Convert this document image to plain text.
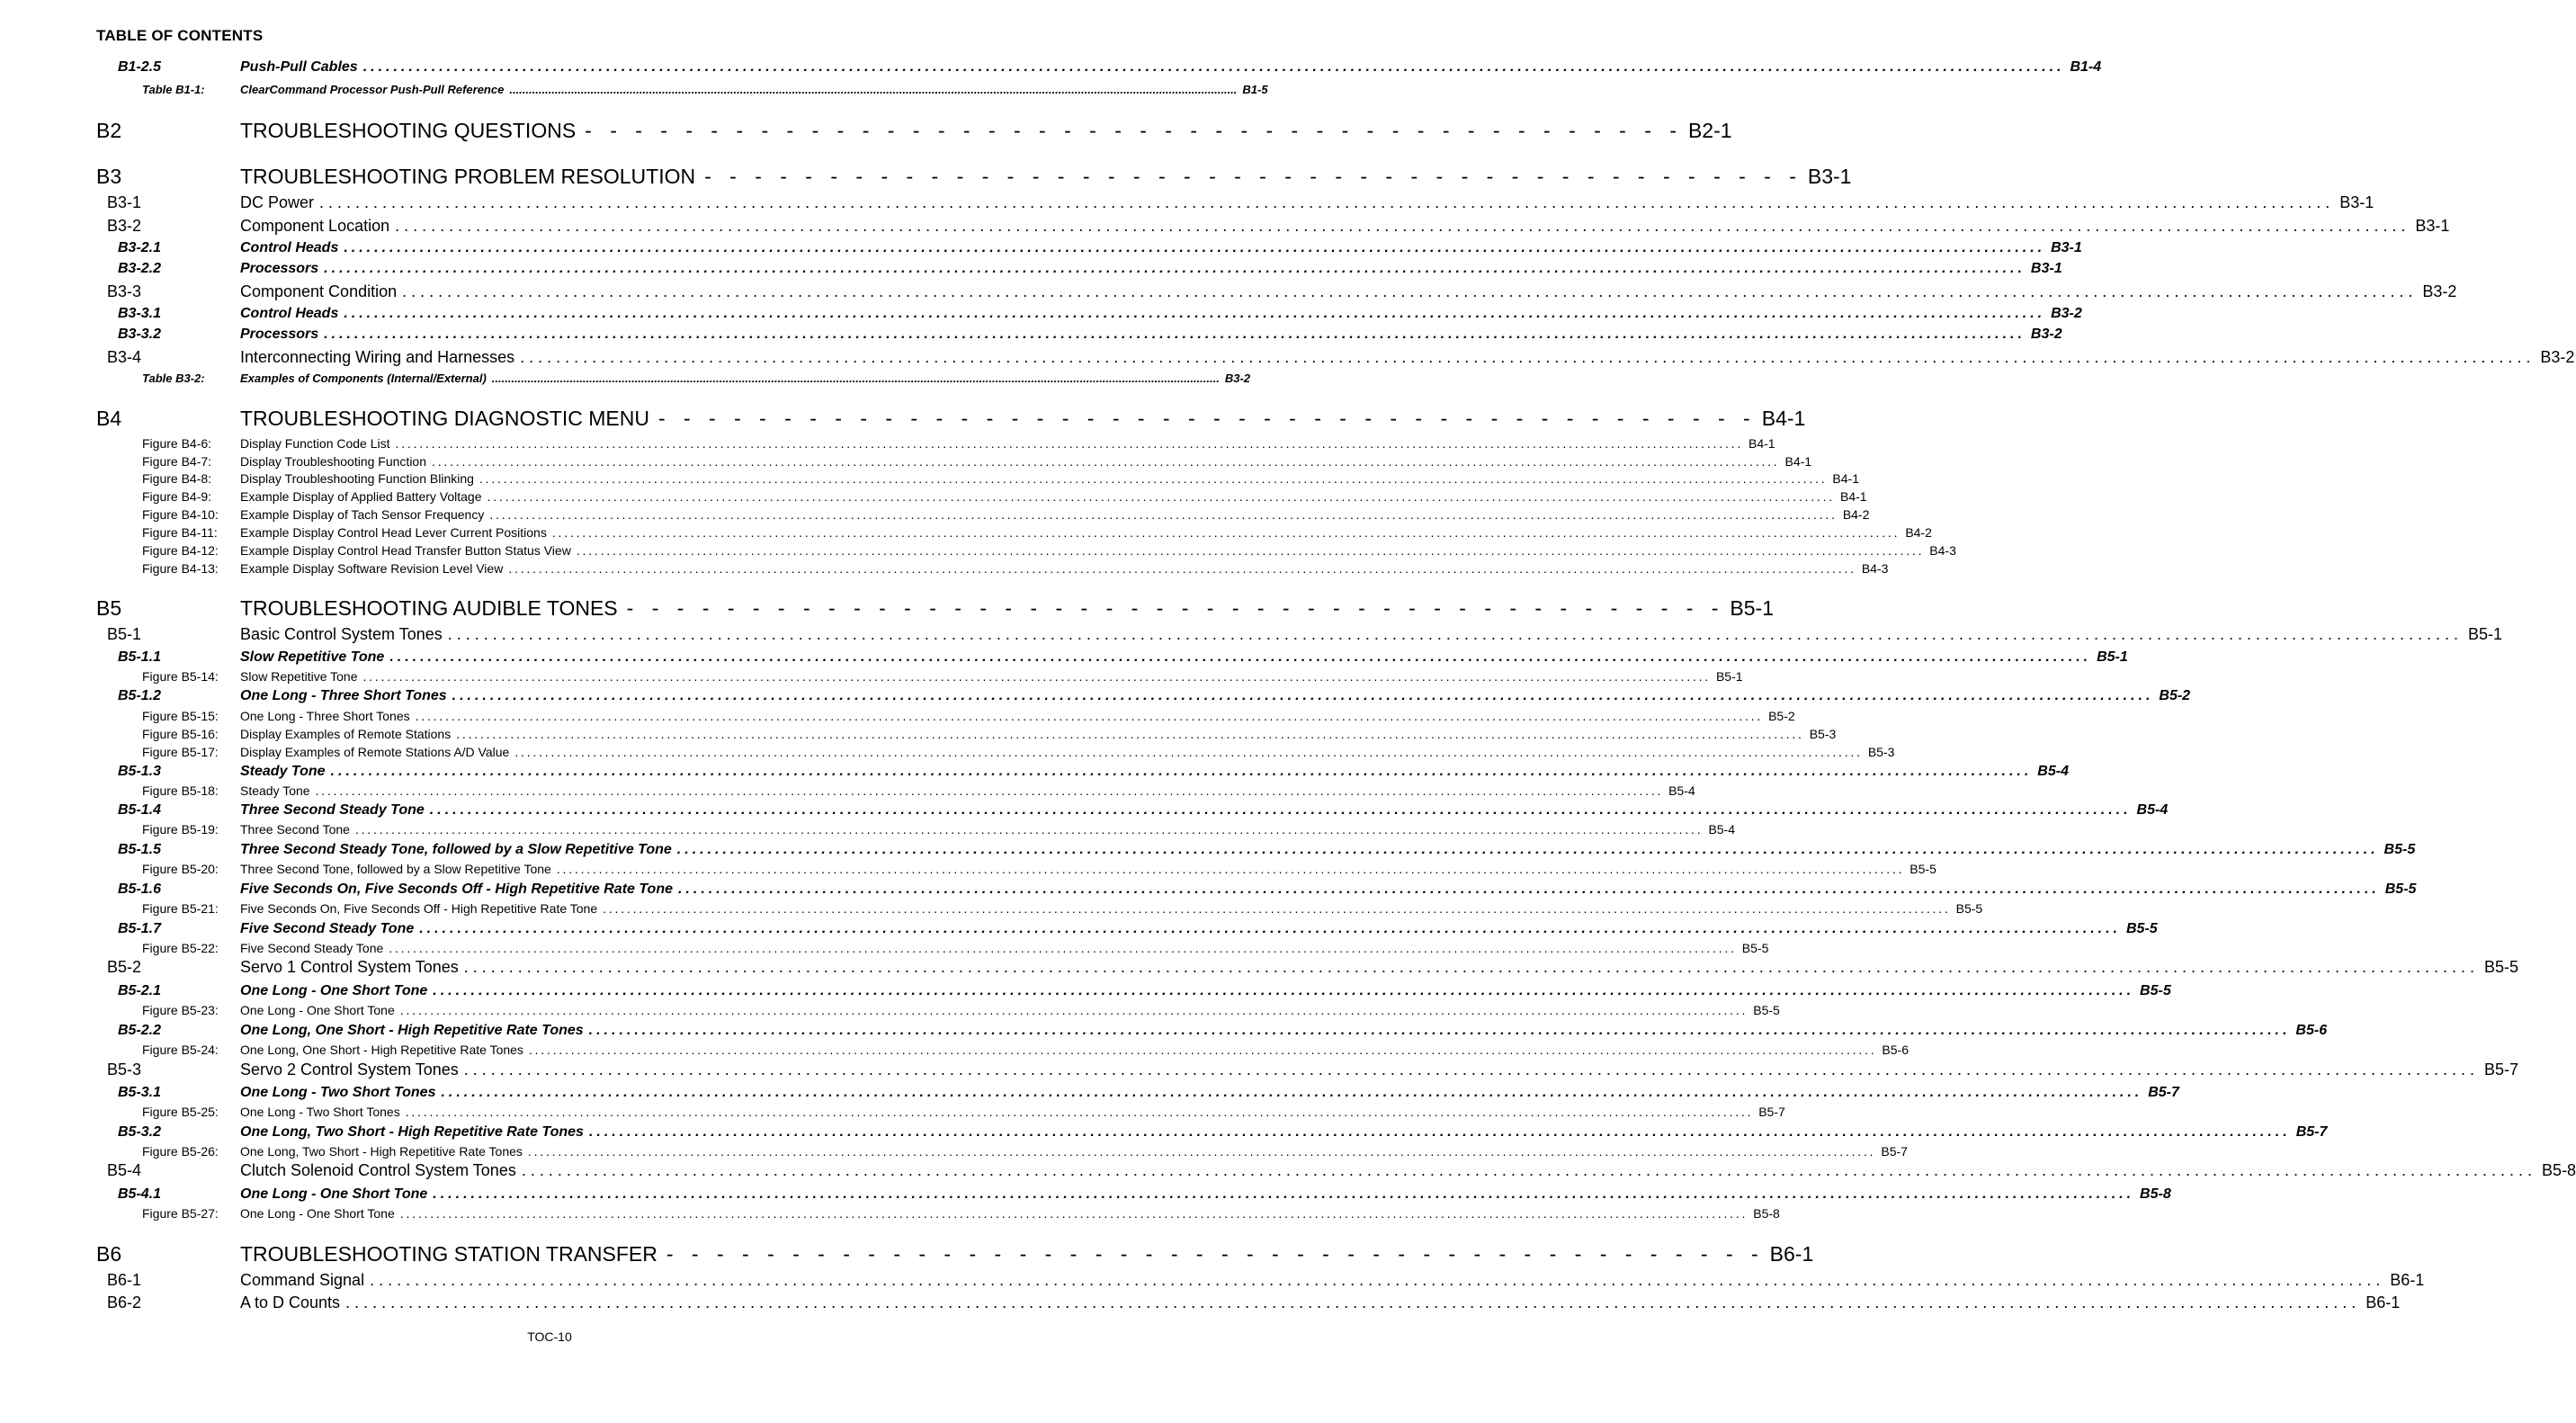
TABLE OF CONTENTS
B1-2.5	Push-Pull Cables ................................................................................................................................................................................................................................ B1-4
Table B1-1:	ClearCommand Processor Push-Pull Reference ................................................................................................................................................................................................................................ B1-5
B2	TROUBLESHOOTING QUESTIONS - - - - - - - - - - - - - - - - - - - - - - - - - - - - - - - - - - - - - - - - - - - - B2-1
B3	TROUBLESHOOTING PROBLEM RESOLUTION - - - - - - - - - - - - - - - - - - - - - - - - - - - - - - - - - - - - - - - - - - - - B3-1
B3-1	DC Power ................................................................................................................................................................................................................................ B3-1
B3-2	Component Location ................................................................................................................................................................................................................................ B3-1
B3-2.1	Control Heads ................................................................................................................................................................................................................................ B3-1
B3-2.2	Processors ................................................................................................................................................................................................................................ B3-1
B3-3	Component Condition ................................................................................................................................................................................................................................ B3-2
B3-3.1	Control Heads ................................................................................................................................................................................................................................ B3-2
B3-3.2	Processors ................................................................................................................................................................................................................................ B3-2
B3-4	Interconnecting Wiring and Harnesses ................................................................................................................................................................................................................................ B3-2
Table B3-2:	Examples of Components (Internal/External) ................................................................................................................................................................................................................................ B3-2
B4	TROUBLESHOOTING DIAGNOSTIC MENU - - - - - - - - - - - - - - - - - - - - - - - - - - - - - - - - - - - - - - - - - - - - B4-1
Figure B4-6: Display Function Code List ................................................................................................................................................................................................................................ B4-1
Figure B4-7: Display Troubleshooting Function ................................................................................................................................................................................................................................ B4-1
Figure B4-8: Display Troubleshooting Function Blinking ................................................................................................................................................................................................................................ B4-1
Figure B4-9: Example Display of Applied Battery Voltage ................................................................................................................................................................................................................................ B4-1
Figure B4-10: Example Display of Tach Sensor Frequency ................................................................................................................................................................................................................................ B4-2
Figure B4-11: Example Display Control Head Lever Current Positions ................................................................................................................................................................................................................................ B4-2
Figure B4-12: Example Display Control Head Transfer Button Status View ................................................................................................................................................................................................................................ B4-3
Figure B4-13: Example Display Software Revision Level View ................................................................................................................................................................................................................................ B4-3
B5	TROUBLESHOOTING AUDIBLE TONES - - - - - - - - - - - - - - - - - - - - - - - - - - - - - - - - - - - - - - - - - - - - B5-1
B5-1	Basic Control System Tones ................................................................................................................................................................................................................................ B5-1
B5-1.1	Slow Repetitive Tone ................................................................................................................................................................................................................................ B5-1
Figure B5-14: Slow Repetitive Tone ................................................................................................................................................................................................................................ B5-1
B5-1.2	One Long - Three Short Tones ................................................................................................................................................................................................................................ B5-2
Figure B5-15: One Long - Three Short Tones ................................................................................................................................................................................................................................ B5-2
Figure B5-16: Display Examples of Remote Stations ................................................................................................................................................................................................................................ B5-3
Figure B5-17: Display Examples of Remote Stations A/D Value ................................................................................................................................................................................................................................ B5-3
B5-1.3	Steady Tone ................................................................................................................................................................................................................................ B5-4
Figure B5-18: Steady Tone ................................................................................................................................................................................................................................ B5-4
B5-1.4	Three Second Steady Tone ................................................................................................................................................................................................................................ B5-4
Figure B5-19: Three Second Tone ................................................................................................................................................................................................................................ B5-4
B5-1.5	Three Second Steady Tone, followed by a Slow Repetitive Tone ................................................................................................................................................................................................................................ B5-5
Figure B5-20: Three Second Tone, followed by a Slow Repetitive Tone ................................................................................................................................................................................................................................ B5-5
B5-1.6	Five Seconds On, Five Seconds Off - High Repetitive Rate Tone ................................................................................................................................................................................................................................ B5-5
Figure B5-21: Five Seconds On, Five Seconds Off - High Repetitive Rate Tone ................................................................................................................................................................................................................................ B5-5
B5-1.7	Five Second Steady Tone ................................................................................................................................................................................................................................ B5-5
Figure B5-22: Five Second Steady Tone ................................................................................................................................................................................................................................ B5-5
B5-2	Servo 1 Control System Tones ................................................................................................................................................................................................................................ B5-5
B5-2.1	One Long - One Short Tone ................................................................................................................................................................................................................................ B5-5
Figure B5-23: One Long - One Short Tone ................................................................................................................................................................................................................................ B5-5
B5-2.2	One Long, One Short - High Repetitive Rate Tones ................................................................................................................................................................................................................................ B5-6
Figure B5-24: One Long, One Short - High Repetitive Rate Tones ................................................................................................................................................................................................................................ B5-6
B5-3	Servo 2 Control System Tones ................................................................................................................................................................................................................................ B5-7
B5-3.1	One Long - Two Short Tones ................................................................................................................................................................................................................................ B5-7
Figure B5-25: One Long - Two Short Tones ................................................................................................................................................................................................................................ B5-7
B5-3.2	One Long, Two Short - High Repetitive Rate Tones ................................................................................................................................................................................................................................ B5-7
Figure B5-26: One Long, Two Short - High Repetitive Rate Tones ................................................................................................................................................................................................................................ B5-7
B5-4	Clutch Solenoid Control System Tones ................................................................................................................................................................................................................................ B5-8
B5-4.1	One Long - One Short Tone ................................................................................................................................................................................................................................ B5-8
Figure B5-27: One Long - One Short Tone ................................................................................................................................................................................................................................ B5-8
B6	TROUBLESHOOTING STATION TRANSFER - - - - - - - - - - - - - - - - - - - - - - - - - - - - - - - - - - - - - - - - - - - - B6-1
B6-1	Command Signal ................................................................................................................................................................................................................................ B6-1
B6-2	A to D Counts ................................................................................................................................................................................................................................ B6-1
TOC-10
